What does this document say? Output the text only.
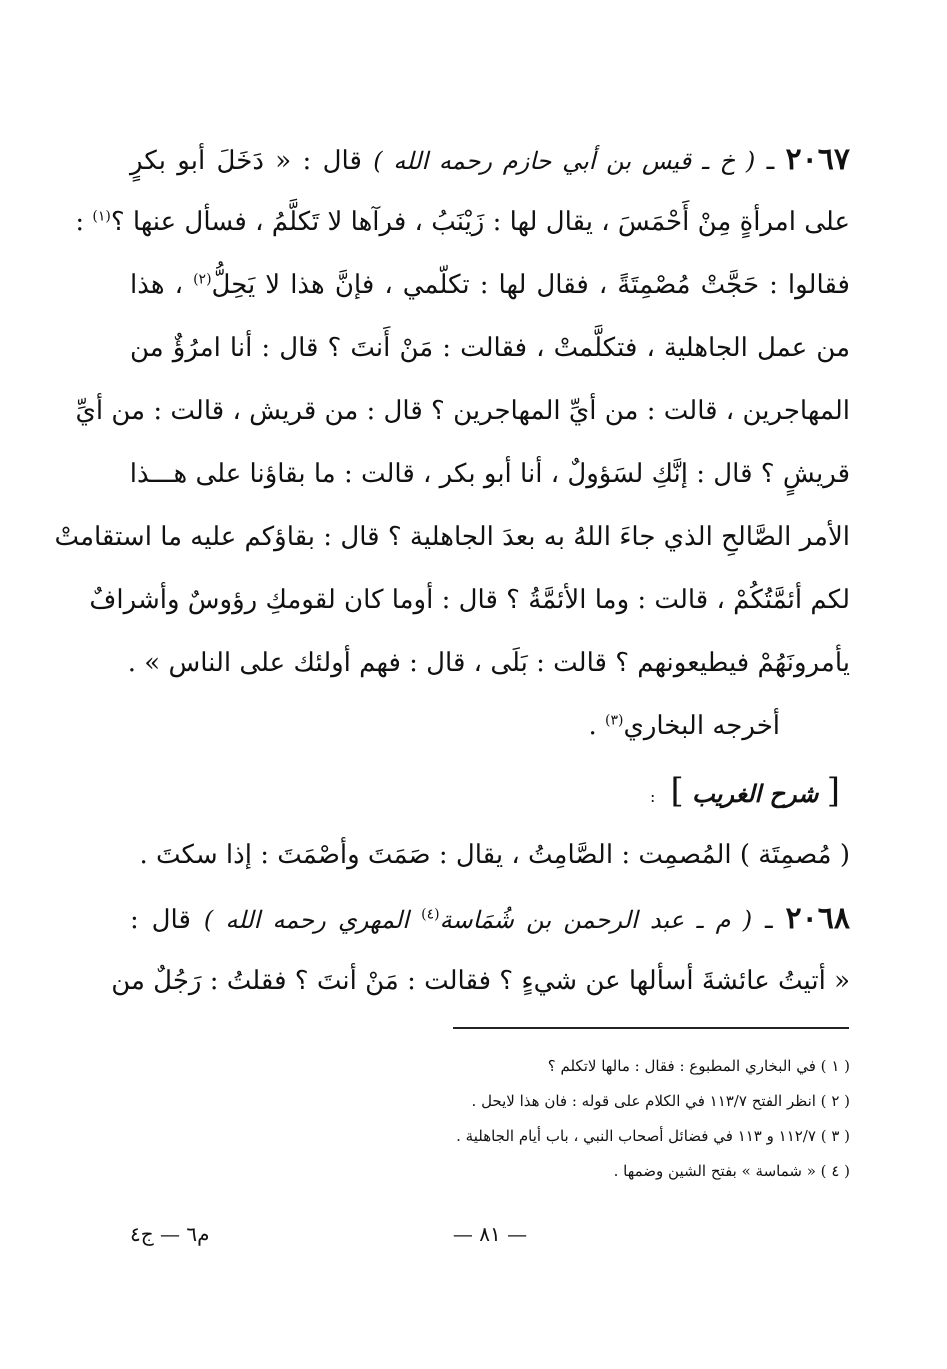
٢٠٦٧ ـ ( خ ـ قيس بن أبي حازم رحمه الله ) قال : « دَخَلَ أبو بكرٍ
على امرأةٍ مِنْ أَحْمَسَ ، يقال لها : زَيْنَبُ ، فرآها لا تَكلَّمُ ، فسأل عنها ؟$^{(١)}$ :
فقالوا : حَجَّتْ مُصْمِتَةً ، فقال لها : تكلّمي ، فإنَّ هذا لا يَحِلُّ$^{(٢)}$ ، هذا
من عمل الجاهلية ، فتكلَّمتْ ، فقالت : مَنْ أَنتَ ؟ قال : أنا امرُؤٌ من
المهاجرين ، قالت : من أيِّ المهاجرين ؟ قال : من قريش ، قالت : من أيِّ
قريشٍ ؟ قال : إنَّكِ لسَؤولٌ ، أنا أبو بكر ، قالت : ما بقاؤنا على هـــذا
الأمر الصَّالحِ الذي جاءَ اللهُ به بعدَ الجاهلية ؟ قال : بقاؤكم عليه ما استقامتْ
لكم أئمَّتُكُمْ ، قالت : وما الأئمَّةُ ؟ قال : أوما كان لقومكِ رؤوسٌ وأشرافٌ
يأمرونَهُمْ فيطيعونهم ؟ قالت : بَلَى ، قال : فهم أولئك على الناس » .
أخرجه البخاري$^{(٣)}$ .
[ شرح الغريب ] :
( مُصمِتَة ) المُصمِت : الصَّامِتُ ، يقال : صَمَتَ وأصْمَتَ : إذا سكتَ .
٢٠٦٨ ـ ( م ـ عبد الرحمن بن شُمَاسة$^{(٤)}$ المهري رحمه الله ) قال :
« أتيتُ عائشةَ أسألها عن شيءٍ ؟ فقالت : مَنْ أنتَ ؟ فقلتُ : رَجُلٌ من
( ١ ) في البخاري المطبوع : فقال : مالها لاتكلم ؟
( ٢ ) انظر الفتح ١١٣/٧ في الكلام على قوله : فان هذا لايحل .
( ٣ ) ١١٢/٧ و ١١٣ في فضائل أصحاب النبي ، باب أيام الجاهلية .
( ٤ ) « شماسة » بفتح الشين وضمها .
— ٨١ —
م٦ — ج٤
